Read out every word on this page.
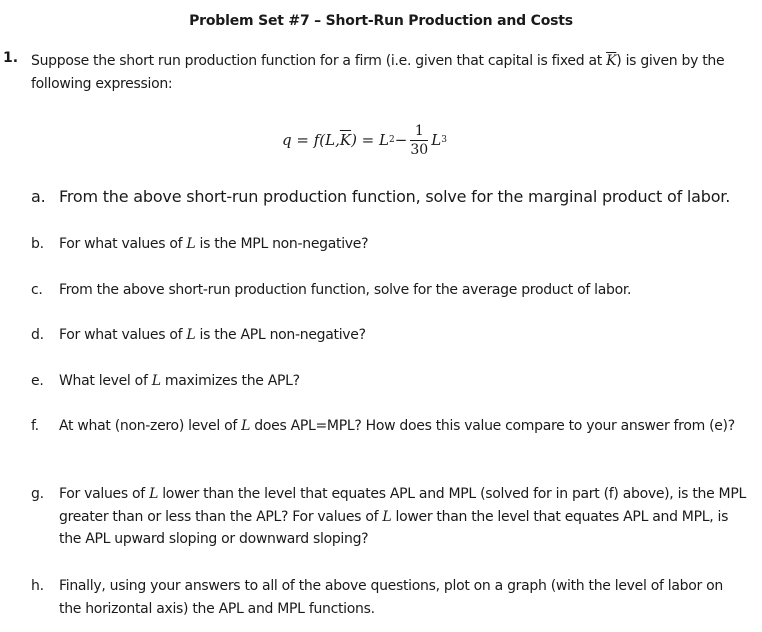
Problem Set #7 – Short-Run Production and Costs
1. Suppose the short run production function for a firm (i.e. given that capital is fixed at $\overline{K}$) is given by the following expression:
q = f(L, $\overline{K}$ ) = L $2 - \frac{1}{30}$ L 3
a. From the above short-run production function, solve for the marginal product of labor.
b.	For what values of L is the MPL non-negative?
c.	From the above short-run production function, solve for the average product of labor.
d.	For what values of L is the APL non-negative?
e.	What level of L maximizes the APL?
f.	At what (non-zero) level of L does APL=MPL? How does this value compare to your answer from (e)?
g.	For values of L lower than the level that equates APL and MPL (solved for in part (f) above), is the MPL greater than or less than the APL? For values of L lower than the level that equates APL and MPL, is the APL upward sloping or downward sloping?
h.	Finally, using your answers to all of the above questions, plot on a graph (with the level of labor on the horizontal axis) the APL and MPL functions.
